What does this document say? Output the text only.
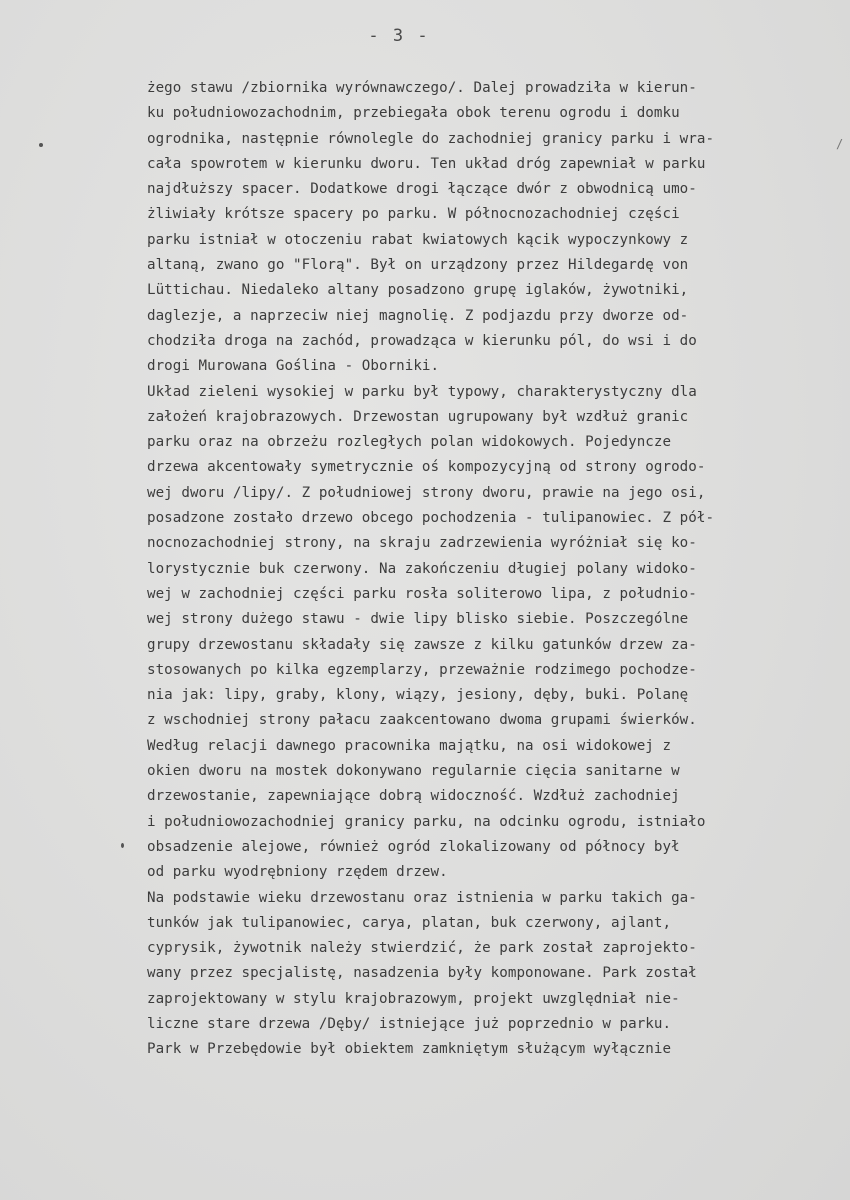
- 3 -
/
żego stawu /zbiornika wyrównawczego/. Dalej prowadziła w kierun-
ku południowozachodnim, przebiegała obok terenu ogrodu i domku
ogrodnika, następnie równolegle do zachodniej granicy parku i wra-
cała spowrotem w kierunku dworu. Ten układ dróg zapewniał w parku
najdłuższy spacer. Dodatkowe drogi łączące dwór z obwodnicą umo-
żliwiały krótsze spacery po parku. W północnozachodniej części
parku istniał w otoczeniu rabat kwiatowych kącik wypoczynkowy z
altaną, zwano go "Florą". Był on urządzony przez Hildegardę von
Lüttichau. Niedaleko altany posadzono grupę iglaków, żywotniki,
daglezje, a naprzeciw niej magnolię. Z podjazdu przy dworze od-
chodziła droga na zachód, prowadząca w kierunku pól, do wsi i do
drogi Murowana Goślina - Oborniki.
Układ zieleni wysokiej w parku był typowy, charakterystyczny dla
założeń krajobrazowych. Drzewostan ugrupowany był wzdłuż granic
parku oraz na obrzeżu rozległych polan widokowych. Pojedyncze
drzewa akcentowały symetrycznie oś kompozycyjną od strony ogrodo-
wej dworu /lipy/. Z południowej strony dworu, prawie na jego osi,
posadzone zostało drzewo obcego pochodzenia - tulipanowiec. Z pół-
nocnozachodniej strony, na skraju zadrzewienia wyróżniał się ko-
lorystycznie buk czerwony. Na zakończeniu długiej polany widoko-
wej w zachodniej części parku rosła soliterowo lipa, z południo-
wej strony dużego stawu - dwie lipy blisko siebie. Poszczególne
grupy drzewostanu składały się zawsze z kilku gatunków drzew za-
stosowanych po kilka egzemplarzy, przeważnie rodzimego pochodze-
nia jak: lipy, graby, klony, wiązy, jesiony, dęby, buki. Polanę
z wschodniej strony pałacu zaakcentowano dwoma grupami świerków.
Według relacji dawnego pracownika majątku, na osi widokowej z
okien dworu na mostek dokonywano regularnie cięcia sanitarne w
drzewostanie, zapewniające dobrą widoczność. Wzdłuż zachodniej
i południowozachodniej granicy parku, na odcinku ogrodu, istniało
obsadzenie alejowe, również ogród zlokalizowany od północy był
od parku wyodrębniony rzędem drzew.
Na podstawie wieku drzewostanu oraz istnienia w parku takich ga-
tunków jak tulipanowiec, carya, platan, buk czerwony, ajlant,
cyprysik, żywotnik należy stwierdzić, że park został zaprojekto-
wany przez specjalistę, nasadzenia były komponowane. Park został
zaprojektowany w stylu krajobrazowym, projekt uwzględniał nie-
liczne stare drzewa /Dęby/ istniejące już poprzednio w parku.
Park w Przebędowie był obiektem zamkniętym służącym wyłącznie
